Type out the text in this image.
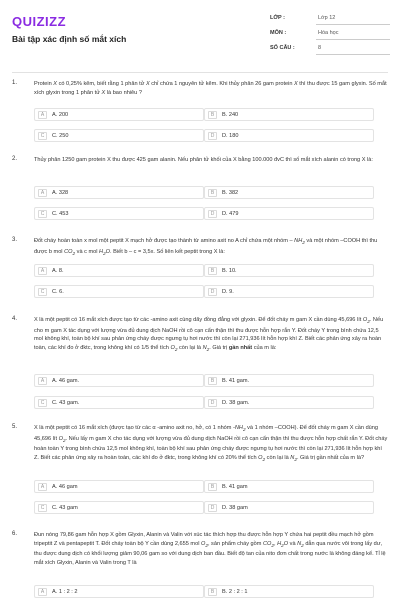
QUIZIZZ
Bài tập xác định số mắt xích
LỚP :	Lớp 12
MÔN :	Hóa học
SỐ CÂU :	8
1.	Protein X có 0,25% kẽm, biết rằng 1 phân tử X chỉ chứa 1 nguyên tử kẽm. Khi thủy phân 26 gam protein X thì thu được 15 gam glyxin. Số mắt xích glyxin trong 1 phân tử X là bao nhiêu ?
A	A. 200	B	B. 240
C	C. 250	D	D. 180
2.	Thủy phân 1250 gam protein X thu được 425 gam alanin. Nếu phân tử khối của X bằng 100.000 đvC thì số mắt xích alanin có trong X là:
A	A. 328	B	B. 382
C	C. 453	D	D. 479
3.	Đốt cháy hoàn toàn x mol một peptit X mạch hở được tạo thành từ amino axit no A chỉ chứa một nhóm – $NH_2$ và một nhóm –COOH thì thu được b mol $CO_2$ và c mol $H_2O$. Biết b – c = 3,5x. Số liên kết peptit trong X là:
A	A. 8.	B	B. 10.
C	C. 6.	D	D. 9.
4.	X là một peptit có 16 mắt xích được tạo từ các -amino axit cùng dãy đồng đẳng với glyxin. Để đốt cháy m gam X cần dùng 45,696 lít $O_2$. Nếu cho m gam X tác dụng với lượng vừa đủ dung dịch NaOH rồi cô cạn cẩn thận thì thu được hỗn hợp rắn Y. Đốt cháy Y trong bình chứa 12,5 mol không khí, toàn bộ khí sau phản ứng cháy được ngưng tụ hơi nước thì còn lại 271,936 lít hỗn hợp khí Z. Biết các phản ứng xảy ra hoàn toàn, các khí đo ở đktc, trong không khí có 1/5 thể tích $O_2$ còn lại là $N_2$. Giá trị gần nhất của m là:
A	A. 46 gam.	B	B. 41 gam.
C	C. 43 gam.	D	D. 38 gam.
5.	X là một peptit có 16 mắt xích (được tạo từ các α -amino axit no, hở, có 1 nhóm $-NH_2$ và 1 nhóm –COOH). Để đốt cháy m gam X cần dùng 45,696 lít $O_2$. Nếu lấy m gam X cho tác dụng với lượng vừa đủ dung dịch NaOH rồi cô cạn cẩn thận thì thu được hỗn hợp chất rắn Y. Đốt cháy hoàn toàn Y trong bình chứa 12,5 mol không khí, toàn bộ khí sau phản ứng cháy được ngưng tụ hơi nước thì còn lại 271,936 lít hỗn hợp khí Z. Biết các phản ứng xảy ra hoàn toàn, các khí đo ở đktc, trong không khí có 20% thể tích $O_2$ còn lại là $N_2$. Giá trị gần nhất của m là?
A	A. 46 gam	B	B. 41 gam
C	C. 43 gam	D	D. 38 gam
6.	Đun nóng 79,86 gam hỗn hợp X gồm Glyxin, Alanin và Valin với xúc tác thích hợp thu được hỗn hợp Y chứa hai peptit đều mạch hở gồm tripeptit Z và pentapeptit T. Đốt cháy toàn bộ Y cần dùng 2,655 mol $O_2$, sản phẩm cháy gồm $CO_2$, $H_2O$ và $N_2$ dẫn qua nước vôi trong lấy dư, thu được dung dịch có khối lượng giảm 90,06 gam so với dung dịch ban đầu. Biết độ tan của nito đơn chất trong nước là không đáng kể. Tỉ lệ mắt xích Glyxin, Alanin và Valin trong T là
A	A. 1 : 2 : 2	B	B. 2 : 2 : 1
